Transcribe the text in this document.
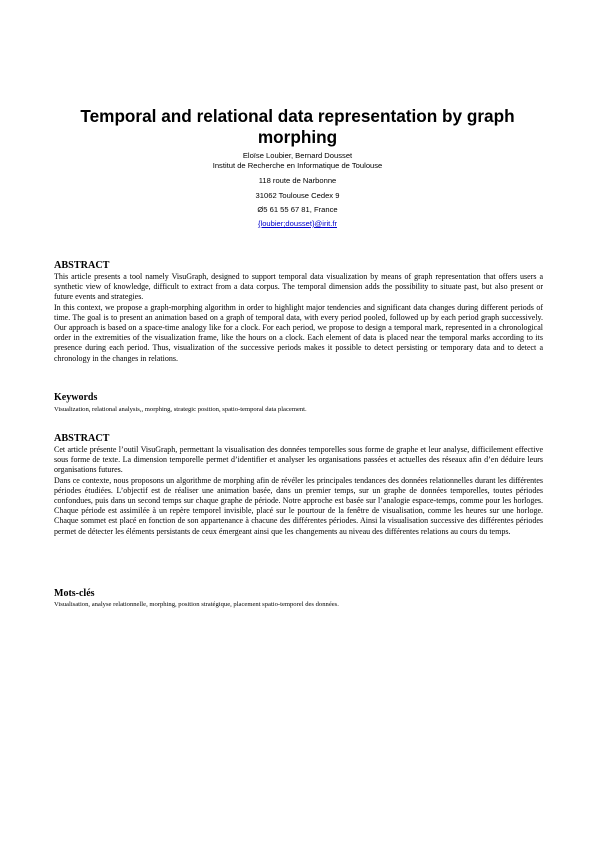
Temporal and relational data representation by graph morphing
Eloïse Loubier, Bernard Dousset
Institut de Recherche en Informatique de Toulouse
118 route de Narbonne
31062 Toulouse Cedex 9
Ø5 61 55 67 81, France
{loubier;dousset}@irit.fr
ABSTRACT

This article presents a tool namely VisuGraph, designed to support temporal data visualization by means of graph representation that offers users a synthetic view of knowledge, difficult to extract from a data corpus. The temporal dimension adds the possibility to situate past, but also present or future events and strategies.

In this context, we propose a graph-morphing algorithm in order to highlight major tendencies and significant data changes during different periods of time. The goal is to present an animation based on a graph of temporal data, with every period pooled, followed up by each period graph successively. Our approach is based on a space-time analogy like for a clock. For each period, we propose to design a temporal mark, represented in a chronological order in the extremities of the visualization frame, like the hours on a clock. Each element of data is placed near the temporal marks according to its presence during each period. Thus, visualization of the successive periods makes it possible to detect persisting or temporary data and to detect a chronology in the changes in relations.

Keywords
Visualization, relational analysis,, morphing, strategic position, spatio-temporal data placement.
ABSTRACT

Cet article présente l’outil VisuGraph, permettant la visualisation des données temporelles sous forme de graphe et leur analyse, difficilement effective sous forme de texte. La dimension temporelle permet d’identifier et analyser les organisations passées et actuelles des réseaux afin d’en déduire leurs organisations futures.

Dans ce contexte, nous proposons un algorithme de morphing afin de révéler les principales tendances des données relationnelles durant les différentes périodes étudiées. L’objectif est de réaliser une animation basée, dans un premier temps, sur un graphe de données temporelles, toutes périodes confondues, puis dans un second temps sur chaque graphe de période. Notre approche est basée sur l’analogie espace-temps, comme pour les horloges. Chaque période est assimilée à un repère temporel invisible, placé sur le pourtour de la fenêtre de visualisation, comme les heures sur une horloge. Chaque sommet est placé en fonction de son appartenance à chacune des différentes périodes. Ainsi la visualisation successive des différentes périodes permet de détecter les éléments persistants de ceux émergeant ainsi que les changements au niveau des différentes relations au cours du temps.

Mots-clés
Visualisation, analyse relationnelle, morphing, position stratégique, placement spatio-temporel des données.
